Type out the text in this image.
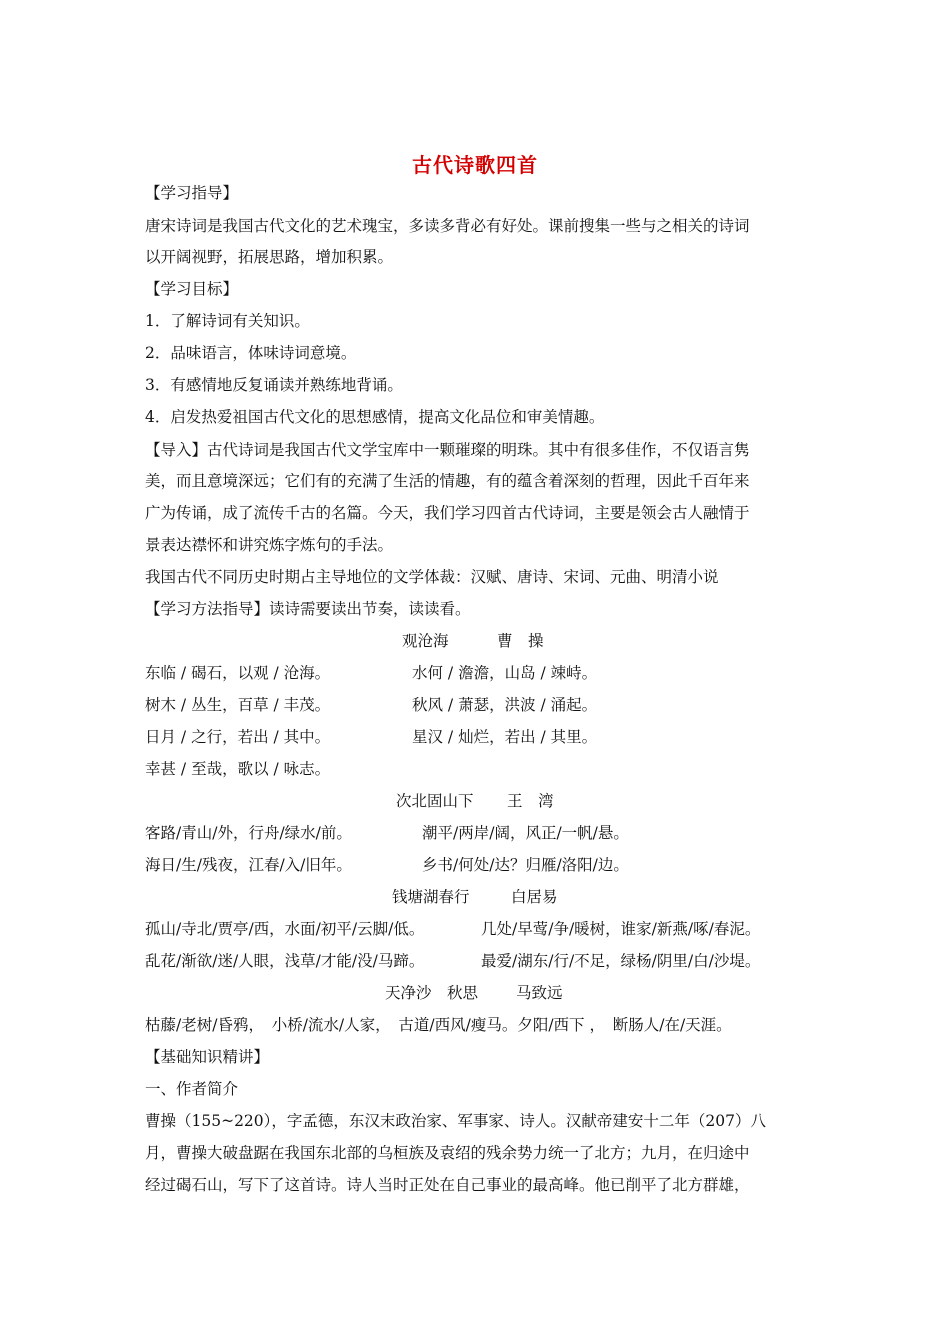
古代诗歌四首
【学习指导】
唐宋诗词是我国古代文化的艺术瑰宝，多读多背必有好处。课前搜集一些与之相关的诗词
以开阔视野，拓展思路，增加积累。
【学习目标】
1．了解诗词有关知识。
2．品味语言，体味诗词意境。
3．有感情地反复诵读并熟练地背诵。
4．启发热爱祖国古代文化的思想感情，提高文化品位和审美情趣。
【导入】古代诗词是我国古代文学宝库中一颗璀璨的明珠。其中有很多佳作，不仅语言隽
美，而且意境深远；它们有的充满了生活的情趣，有的蕴含着深刻的哲理，因此千百年来
广为传诵，成了流传千古的名篇。今天，我们学习四首古代诗词，主要是领会古人融情于
景表达襟怀和讲究炼字炼句的手法。
我国古代不同历史时期占主导地位的文学体裁：汉赋、唐诗、宋词、元曲、明清小说
【学习方法指导】读诗需要读出节奏，读读看。
观沧海	曹　操
东临 / 碣石，以观 / 沧海。	水何 / 澹澹，山岛 / 竦峙。
树木 / 丛生，百草 / 丰茂。	秋风 / 萧瑟，洪波 / 涌起。
日月 / 之行，若出 / 其中。	星汉 / 灿烂，若出 / 其里。
幸甚 / 至哉，歌以 / 咏志。
次北固山下 王　湾
客路/青山/外，行舟/绿水/前。	潮平/两岸/阔，风正/一帆/悬。
海日/生/残夜，江春/入/旧年。	乡书/何处/达？归雁/洛阳/边。
钱塘湖春行	白居易
孤山/寺北/贾亭/西，水面/初平/云脚/低。	几处/早莺/争/暖树，谁家/新燕/啄/春泥。
乱花/渐欲/迷/人眼，浅草/才能/没/马蹄。	最爱/湖东/行/不足，绿杨/阴里/白/沙堤。
天净沙　秋思 马致远
枯藤/老树/昏鸦，　小桥/流水/人家，　古道/西风/瘦马。夕阳/西下 ，　断肠人/在/天涯。
【基础知识精讲】
一、作者简介
曹操（155~220），字孟德，东汉末政治家、军事家、诗人。汉献帝建安十二年（207）八
月，曹操大破盘踞在我国东北部的乌桓族及袁绍的残余势力统一了北方；九月，在归途中
经过碣石山，写下了这首诗。诗人当时正处在自己事业的最高峰。他已削平了北方群雄，
